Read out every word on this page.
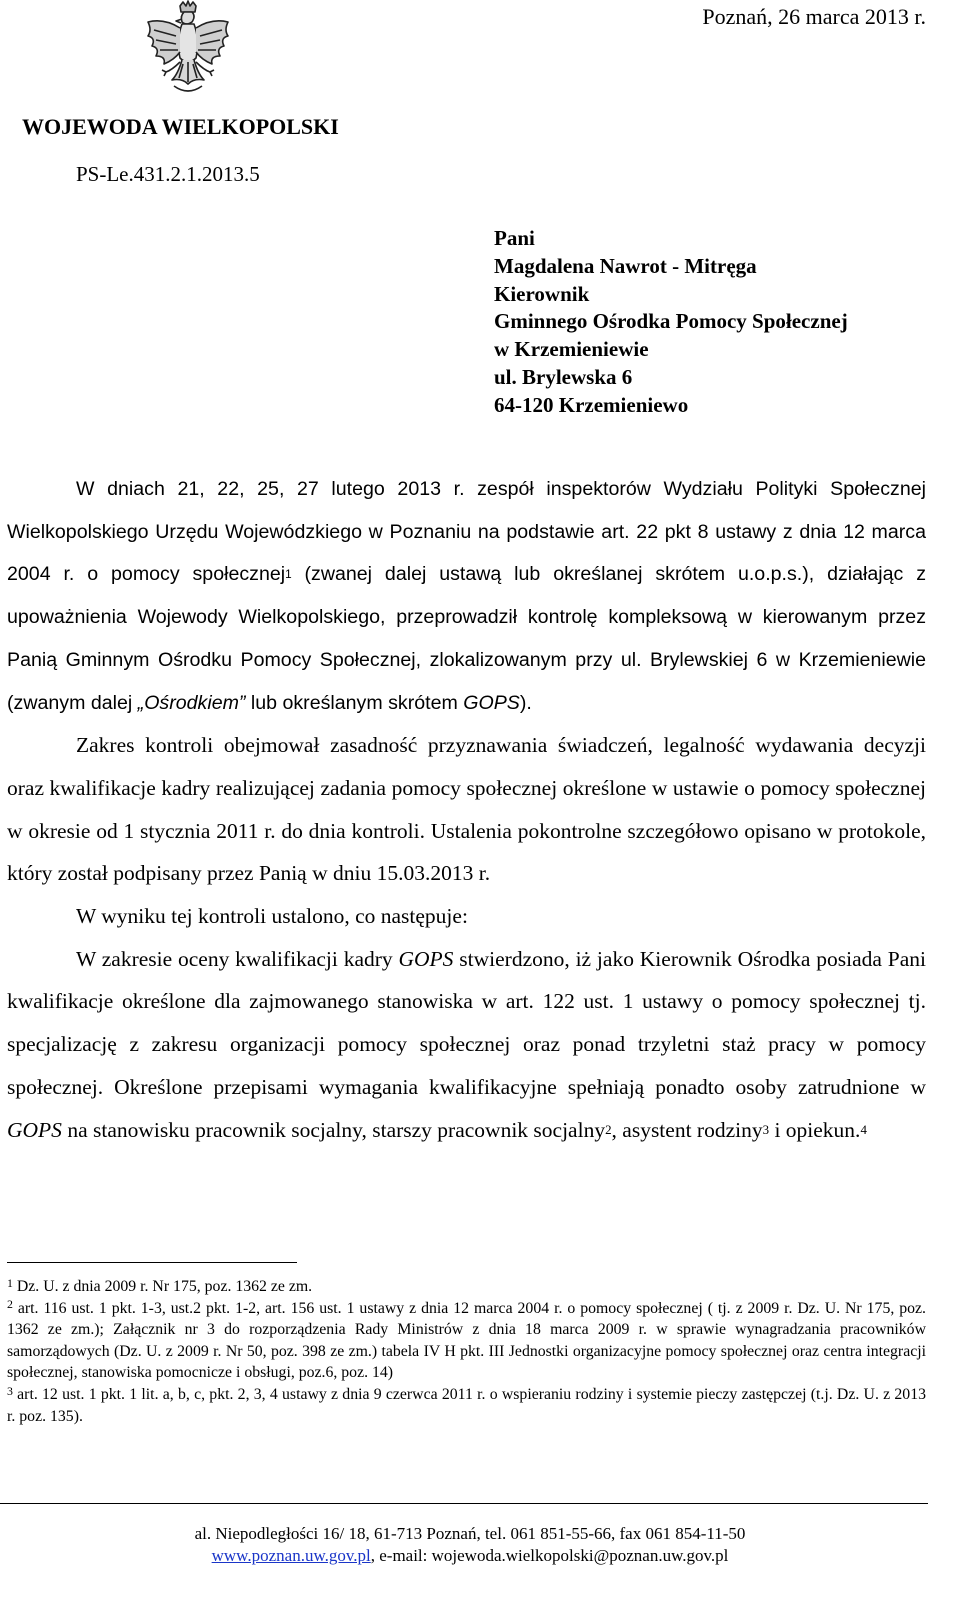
Poznań, 26 marca 2013 r.
WOJEWODA WIELKOPOLSKI
PS-Le.431.2.1.2013.5
Pani
Magdalena Nawrot - Mitręga
Kierownik
Gminnego Ośrodka Pomocy Społecznej
w Krzemieniewie
ul. Brylewska 6
64-120 Krzemieniewo

W dniach 21, 22, 25, 27 lutego 2013 r. zespół inspektorów Wydziału Polityki Społecznej Wielkopolskiego Urzędu Wojewódzkiego w Poznaniu na podstawie art. 22 pkt 8 ustawy z dnia 12 marca 2004 r. o pomocy społecznej$^1$ (zwanej dalej ustawą lub określanej skrótem u.o.p.s.), działając z upoważnienia Wojewody Wielkopolskiego, przeprowadził kontrolę kompleksową w kierowanym przez Panią Gminnym Ośrodku Pomocy Społecznej, zlokalizowanym przy ul. Brylewskiej 6 w Krzemieniewie (zwanym dalej „Ośrodkiem” lub określanym skrótem GOPS).

Zakres kontroli obejmował zasadność przyznawania świadczeń, legalność wydawania decyzji oraz kwalifikacje kadry realizującej zadania pomocy społecznej określone w ustawie o pomocy społecznej w okresie od 1 stycznia 2011 r. do dnia kontroli. Ustalenia pokontrolne szczegółowo opisano w protokole, który został podpisany przez Panią w dniu 15.03.2013 r.

W wyniku tej kontroli ustalono, co następuje:

W zakresie oceny kwalifikacji kadry GOPS stwierdzono, iż jako Kierownik Ośrodka posiada Pani kwalifikacje określone dla zajmowanego stanowiska w art. 122 ust. 1 ustawy o pomocy społecznej tj. specjalizację z zakresu organizacji pomocy społecznej oraz ponad trzyletni staż pracy w pomocy społecznej. Określone przepisami wymagania kwalifikacyjne spełniają ponadto osoby zatrudnione w GOPS na stanowisku pracownik socjalny, starszy pracownik socjalny$^2$, asystent rodziny$^3$ i opiekun.$^4$

$^1$ Dz. U. z dnia 2009 r. Nr 175, poz. 1362 ze zm.

$^2$ art. 116 ust. 1 pkt. 1-3, ust.2 pkt. 1-2, art. 156 ust. 1 ustawy z dnia 12 marca 2004 r. o pomocy społecznej ( tj. z 2009 r. Dz. U. Nr 175, poz. 1362 ze zm.); Załącznik nr 3 do rozporządzenia Rady Ministrów z dnia 18 marca 2009 r. w sprawie wynagradzania pracowników samorządowych (Dz. U. z 2009 r. Nr 50, poz. 398 ze zm.) tabela IV H pkt. III Jednostki organizacyjne pomocy społecznej oraz centra integracji społecznej, stanowiska pomocnicze i obsługi, poz.6, poz. 14)

$^3$ art. 12 ust. 1 pkt. 1 lit. a, b, c, pkt. 2, 3, 4 ustawy z dnia 9 czerwca 2011 r. o wspieraniu rodziny i systemie pieczy zastępczej (t.j. Dz. U. z 2013 r. poz. 135).

al. Niepodległości 16/ 18, 61-713 Poznań, tel. 061 851-55-66, fax 061 854-11-50
www.poznan.uw.gov.pl, e-mail: wojewoda.wielkopolski@poznan.uw.gov.pl
